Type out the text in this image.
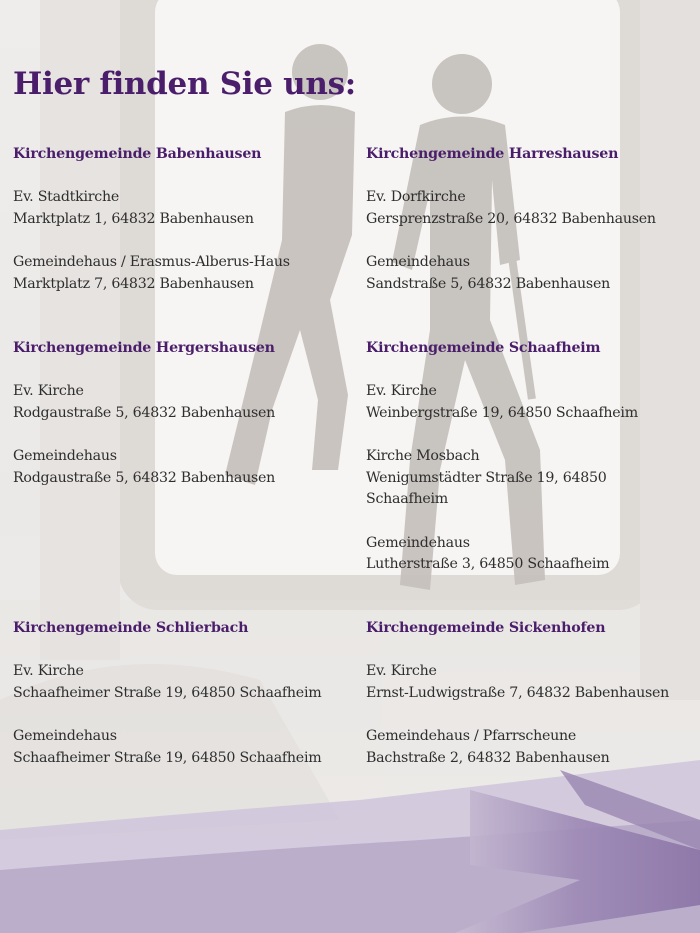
Hier finden Sie uns:
Kirchengemeinde Babenhausen
Ev. Stadtkirche
Marktplatz 1, 64832 Babenhausen
Gemeindehaus / Erasmus-Alberus-Haus
Marktplatz 7, 64832 Babenhausen
Kirchengemeinde Harreshausen
Ev. Dorfkirche
Gersprenzstraße 20, 64832 Babenhausen
Gemeindehaus
Sandstraße 5, 64832 Babenhausen
Kirchengemeinde Hergershausen
Ev. Kirche
Rodgaustraße 5, 64832 Babenhausen
Gemeindehaus
Rodgaustraße 5, 64832 Babenhausen
Kirchengemeinde Schaafheim
Ev. Kirche
Weinbergstraße 19, 64850 Schaafheim
Kirche Mosbach
Wenigumstädter Straße 19, 64850 Schaafheim
Gemeindehaus
Lutherstraße 3, 64850 Schaafheim
Kirchengemeinde Schlierbach
Ev. Kirche
Schaafheimer Straße 19, 64850 Schaafheim
Gemeindehaus
Schaafheimer Straße 19, 64850 Schaafheim
Kirchengemeinde Sickenhofen
Ev. Kirche
Ernst-Ludwigstraße 7, 64832 Babenhausen
Gemeindehaus / Pfarrscheune
Bachstraße 2, 64832 Babenhausen
